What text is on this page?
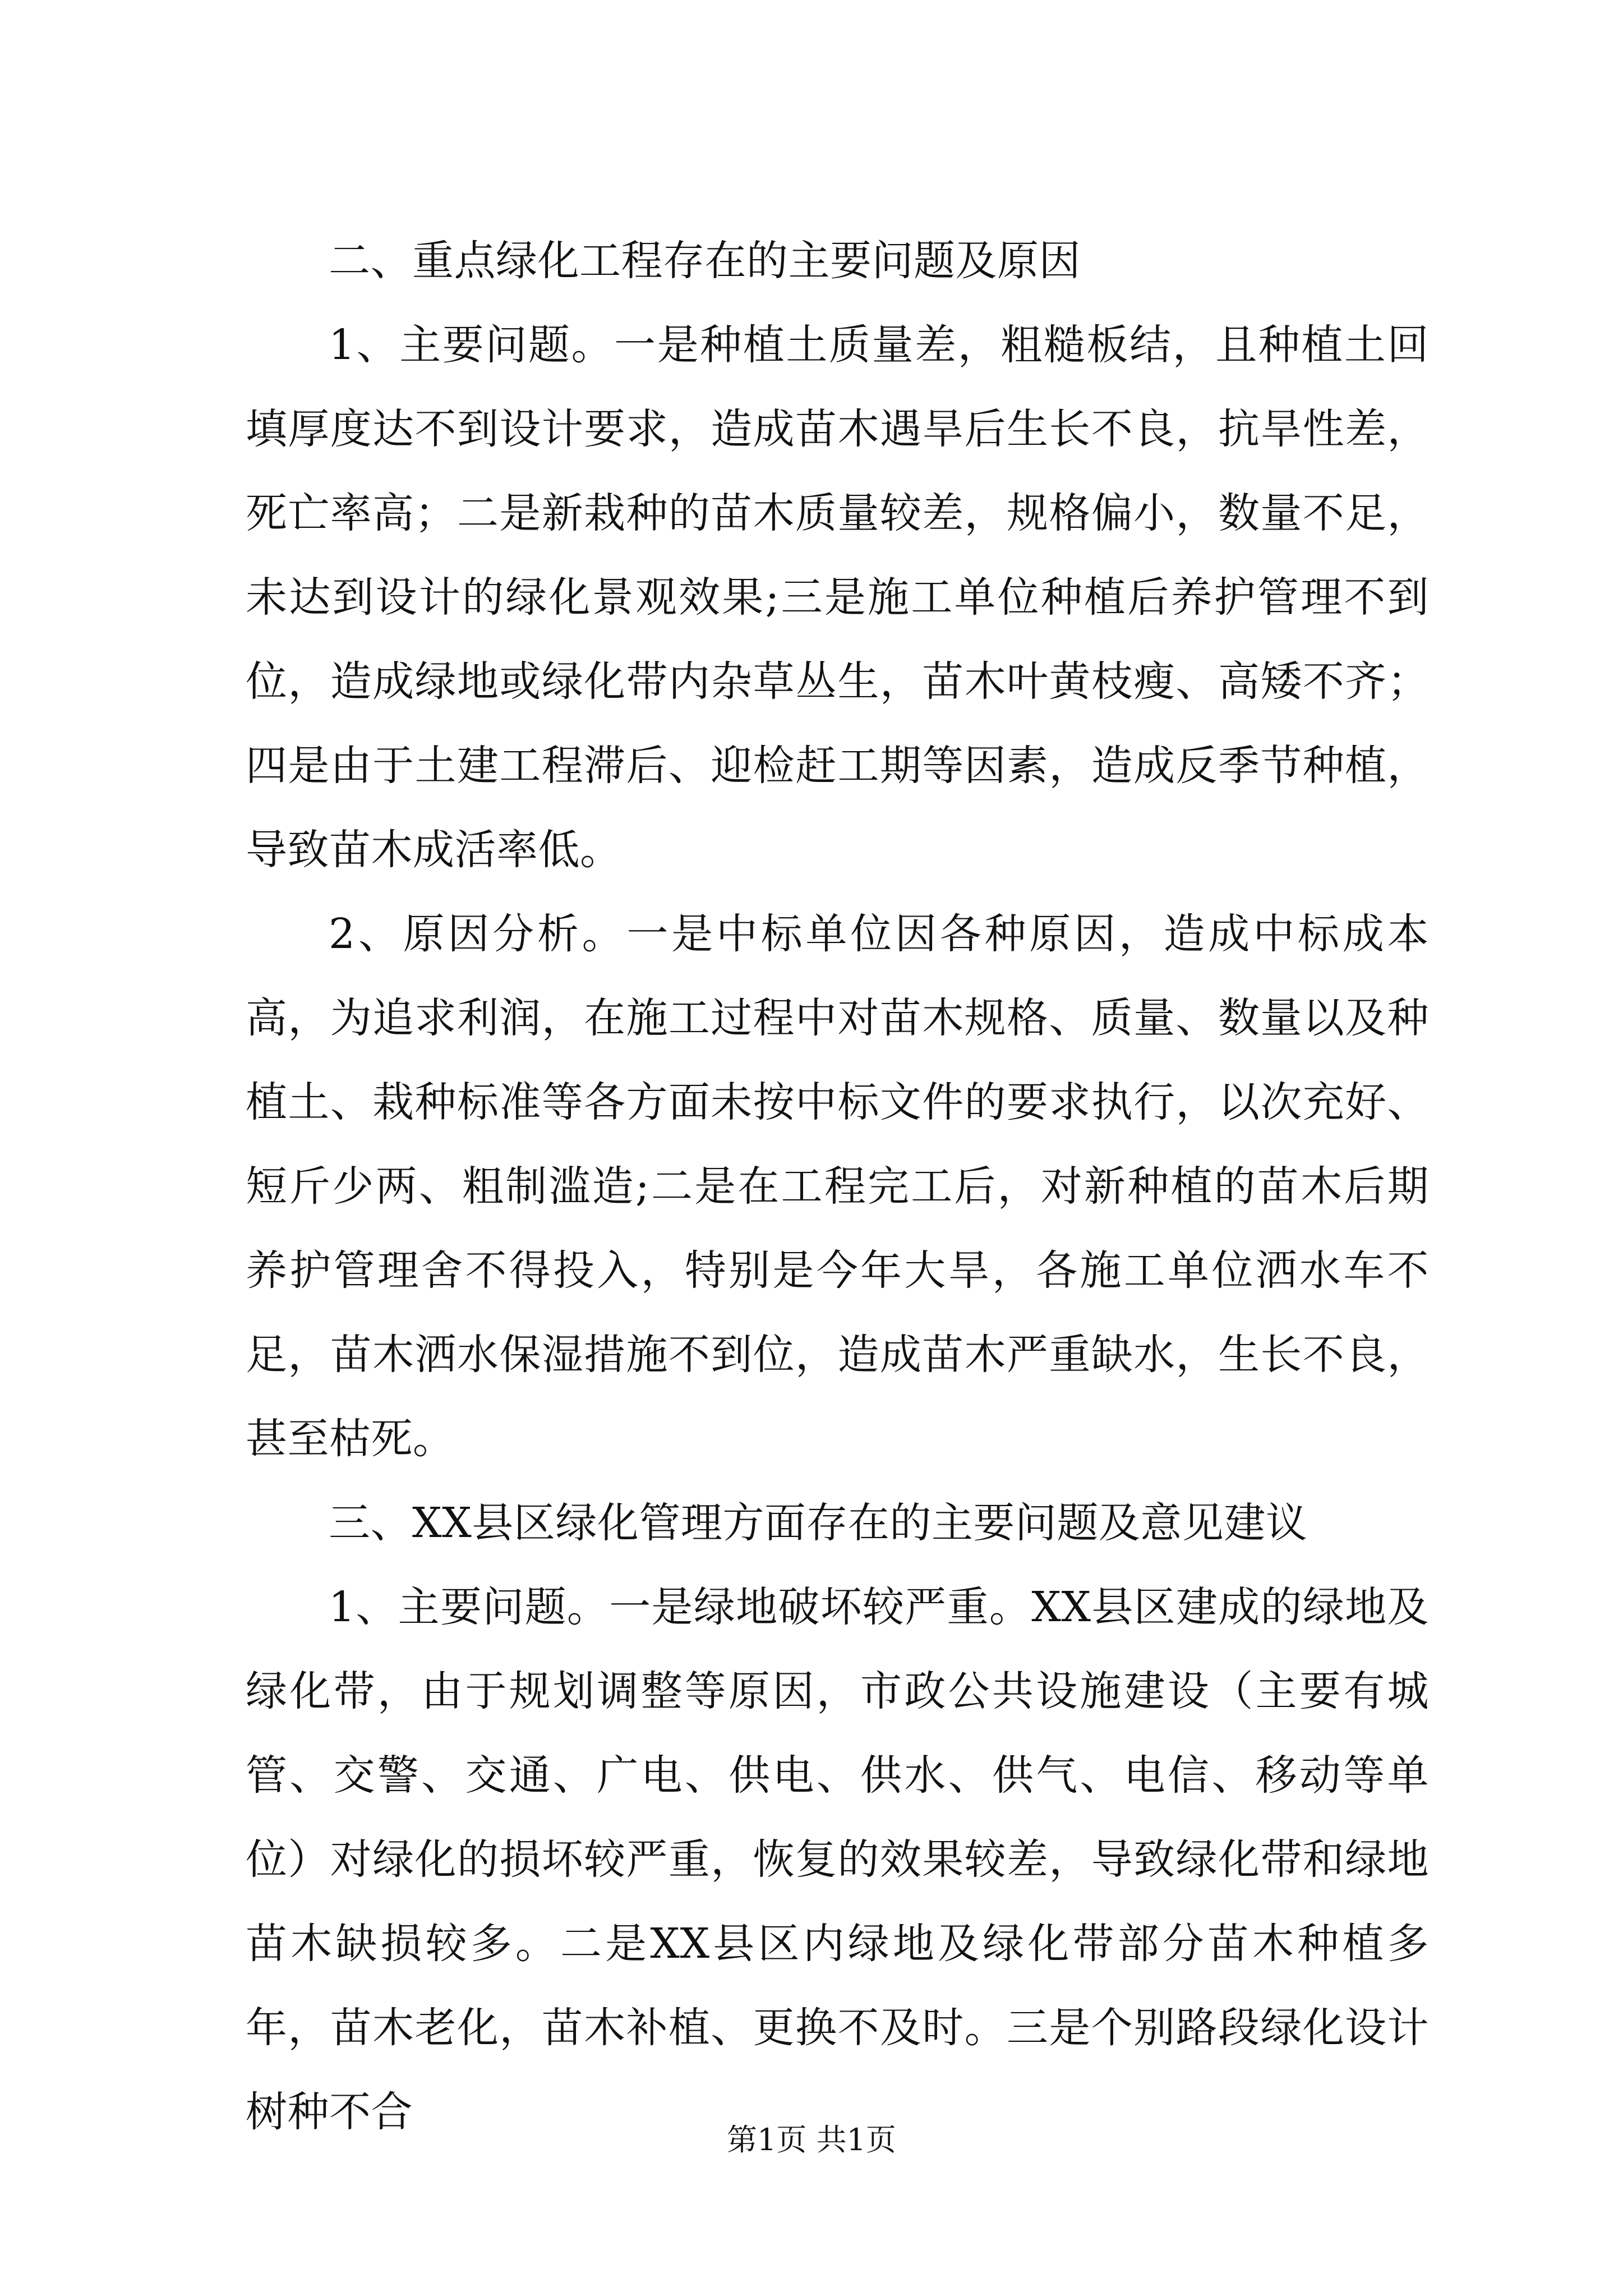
二、重点绿化工程存在的主要问题及原因

1、主要问题。一是种植土质量差，粗糙板结，且种植土回填厚度达不到设计要求，造成苗木遇旱后生长不良，抗旱性差，死亡率高；二是新栽种的苗木质量较差，规格偏小，数量不足，未达到设计的绿化景观效果;三是施工单位种植后养护管理不到位，造成绿地或绿化带内杂草丛生，苗木叶黄枝瘦、高矮不齐；四是由于土建工程滞后、迎检赶工期等因素，造成反季节种植，导致苗木成活率低。

2、原因分析。一是中标单位因各种原因，造成中标成本高，为追求利润，在施工过程中对苗木规格、质量、数量以及种植土、栽种标准等各方面未按中标文件的要求执行，以次充好、短斤少两、粗制滥造;二是在工程完工后，对新种植的苗木后期养护管理舍不得投入，特别是今年大旱，各施工单位洒水车不足，苗木洒水保湿措施不到位，造成苗木严重缺水，生长不良，甚至枯死。

三、XX县区绿化管理方面存在的主要问题及意见建议

1、主要问题。一是绿地破坏较严重。XX县区建成的绿地及绿化带，由于规划调整等原因，市政公共设施建设（主要有城管、交警、交通、广电、供电、供水、供气、电信、移动等单位）对绿化的损坏较严重，恢复的效果较差，导致绿化带和绿地苗木缺损较多。二是XX县区内绿地及绿化带部分苗木种植多年，苗木老化，苗木补植、更换不及时。三是个别路段绿化设计树种不合

第1页 共1页
